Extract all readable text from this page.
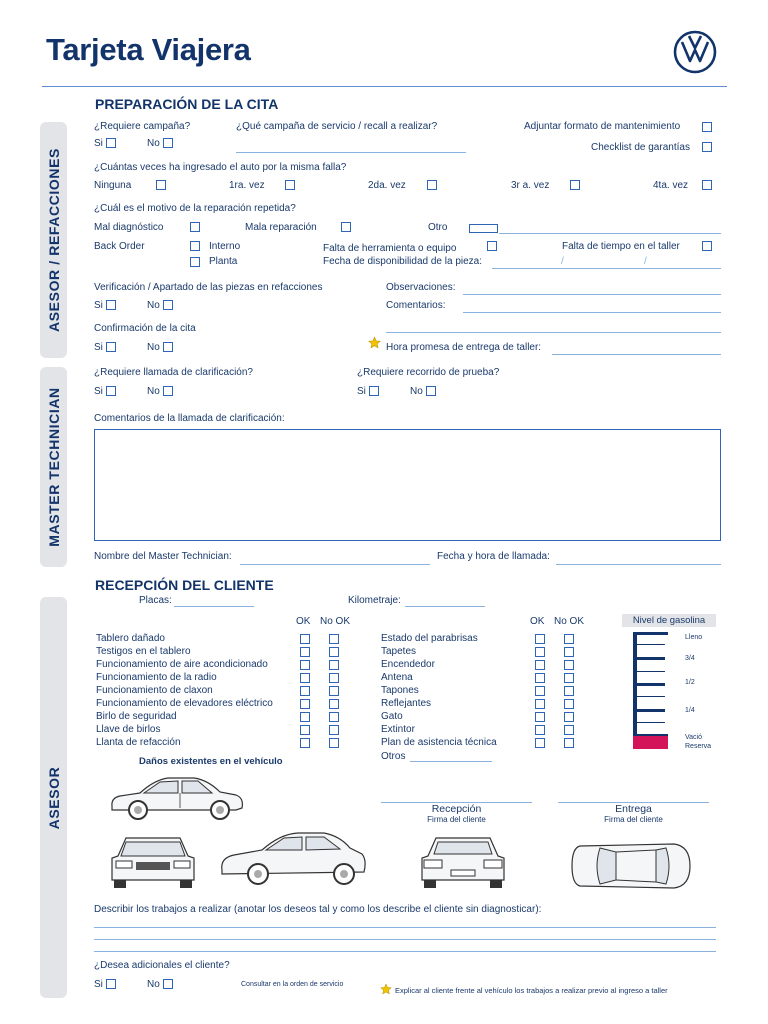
Tarjeta Viajera
ASESOR / REFACCIONES
MASTER TECHNICIAN
ASESOR
PREPARACIÓN DE LA CITA
¿Requiere campaña?
Si	No
¿Qué campaña de servicio / recall a realizar?	Adjuntar formato de mantenimiento
Checklist de garantías
¿Cuántas veces ha ingresado el auto por la misma falla?
Ninguna	1ra. vez	2da. vez	3r a. vez	4ta. vez
¿Cuál es el motivo de la reparación repetida?
Mal diagnóstico	Mala reparación	Otro
Back Order	Interno
Planta
Falta de herramienta o equipo	Falta de tiempo en el taller
Fecha de disponibilidad de la pieza:	/	/
Verificación / Apartado de las piezas en refacciones
Si	No
Observaciones:
Comentarios:
Confirmación de la cita
Si	No	Hora promesa de entrega de taller:
¿Requiere llamada de clarificación?
Si	No
¿Requiere recorrido de prueba?
Si	No
Comentarios de la llamada de clarificación:
Nombre del Master Technician:	Fecha y hora de llamada:
RECEPCIÓN DEL CLIENTE
Placas:	Kilometraje:
OK No OK	OK No OK
Tablero dañado
Testigos en el tablero
Funcionamiento de aire acondicionado
Funcionamiento de la radio
Funcionamiento de claxon
Funcionamiento de elevadores eléctrico
Birlo de seguridad
Llave de birlos
Llanta de refacción
Estado del parabrisas
Tapetes
Encendedor
Antena
Tapones
Reflejantes
Gato
Extintor
Plan de asistencia técnica
Otros
Nivel de gasolina
Lleno
3/4
1/2
1/4
Vació
Reserva
Daños existentes en el vehículo
Recepción
Firma del cliente
Entrega
Firma del cliente
Describir los trabajos a realizar (anotar los deseos tal y como los describe el cliente sin diagnosticar):
¿Desea adicionales el cliente?
Si	No	Consultar en la orden de servicio
Explicar al cliente frente al vehículo los trabajos a realizar previo al ingreso a taller
